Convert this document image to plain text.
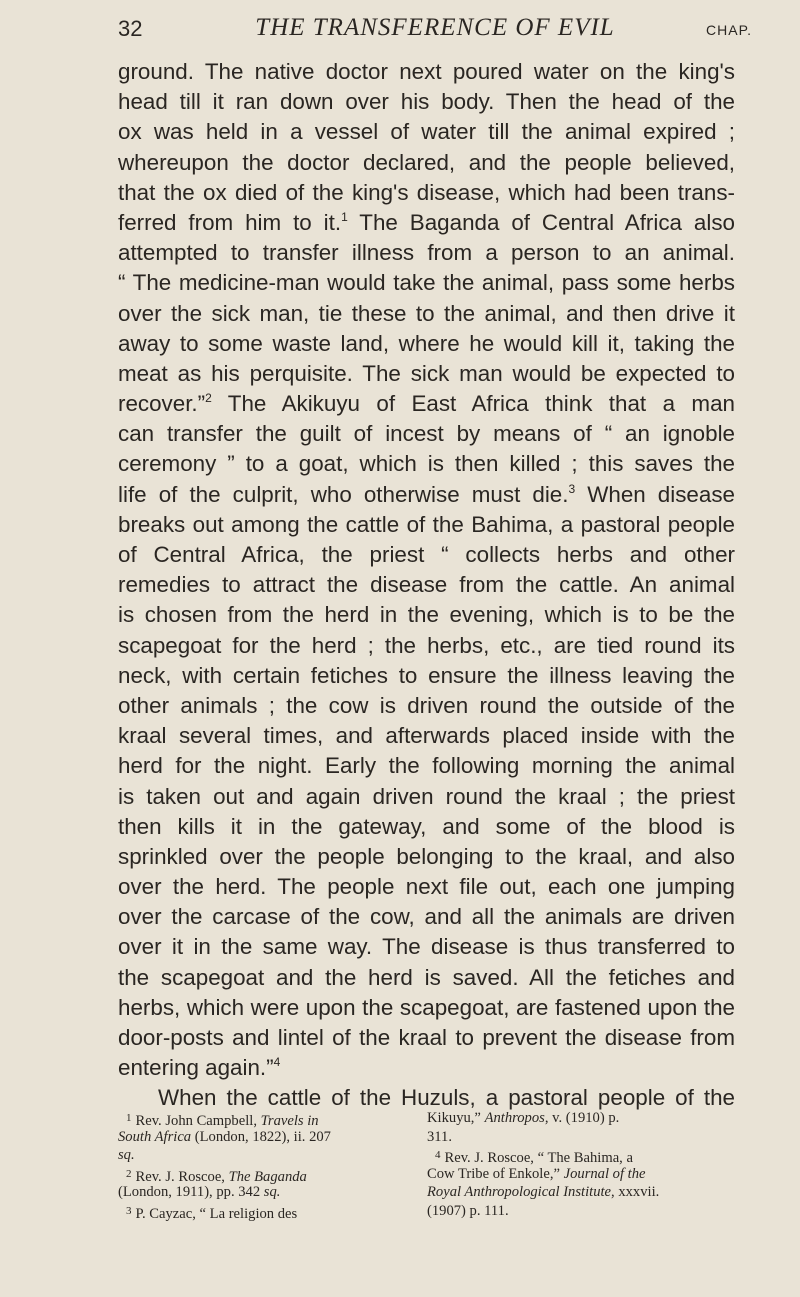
32	THE TRANSFERENCE OF EVIL	CHAP.
ground. The native doctor next poured water on the king's
head till it ran down over his body. Then the head of the
ox was held in a vessel of water till the animal expired ;
whereupon the doctor declared, and the people believed,
that the ox died of the king's disease, which had been trans-
ferred from him to it.$^1$ The Baganda of Central Africa also
attempted to transfer illness from a person to an animal.
“ The medicine-man would take the animal, pass some herbs
over the sick man, tie these to the animal, and then drive it
away to some waste land, where he would kill it, taking the
meat as his perquisite. The sick man would be expected to
recover.”$^2$ The Akikuyu of East Africa think that a man
can transfer the guilt of incest by means of “ an ignoble
ceremony ” to a goat, which is then killed ; this saves the
life of the culprit, who otherwise must die.$^3$ When disease
breaks out among the cattle of the Bahima, a pastoral people
of Central Africa, the priest “ collects herbs and other
remedies to attract the disease from the cattle. An animal
is chosen from the herd in the evening, which is to be the
scapegoat for the herd ; the herbs, etc., are tied round its
neck, with certain fetiches to ensure the illness leaving the
other animals ; the cow is driven round the outside of the
kraal several times, and afterwards placed inside with the
herd for the night. Early the following morning the animal
is taken out and again driven round the kraal ; the priest
then kills it in the gateway, and some of the blood is
sprinkled over the people belonging to the kraal, and also
over the herd. The people next file out, each one jumping
over the carcase of the cow, and all the animals are driven
over it in the same way. The disease is thus transferred to
the scapegoat and the herd is saved. All the fetiches and
herbs, which were upon the scapegoat, are fastened upon the
door-posts and lintel of the kraal to prevent the disease from
entering again.”$^4$
When the cattle of the Huzuls, a pastoral people of the
$^1$ Rev. John Campbell, Travels in
South Africa (London, 1822), ii. 207
sq.
$^2$ Rev. J. Roscoe, The Baganda
(London, 1911), pp. 342 sq.
$^3$ P. Cayzac, “ La religion des
Kikuyu,” Anthropos, v. (1910) p.
311.
$^4$ Rev. J. Roscoe, “ The Bahima, a
Cow Tribe of Enkole,” Journal of the
Royal Anthropological Institute, xxxvii.
(1907) p. 111.
